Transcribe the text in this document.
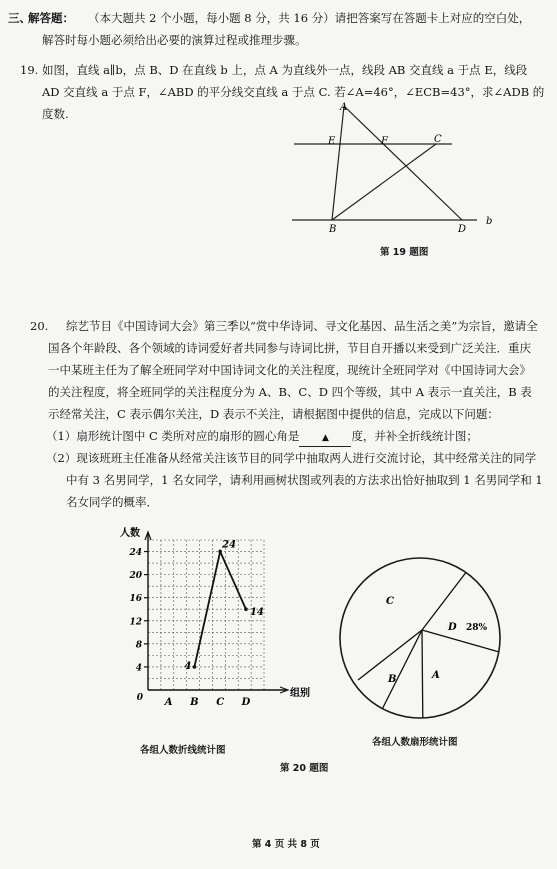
三、
解答题： （本大题共 2 个小题，每小题 8 分，共 16 分）请把答案写在答题卡上对应的空白处，
解答时每小题必须给出必要的演算过程或推理步骤。
19. 如图，直线 a∥b，点 B、D 在直线 b 上，点 A 为直线外一点，线段 AB 交直线 a 于点 E，线段
AD 交直线 a 于点 F，∠ABD 的平分线交直线 a 于点 C. 若∠A=46°，∠ECB=43°，求∠ADB 的
度数.	A
E	F	C
B	D
b
第 19 题图
20. 综艺节目《中国诗词大会》第三季以“赏中华诗词、寻文化基因、品生活之美”为宗旨，邀请全
国各个年龄段、各个领域的诗词爱好者共同参与诗词比拼，节目自开播以来受到广泛关注．重庆
一中某班主任为了解全班同学对中国诗词文化的关注程度，现统计全班同学对《中国诗词大会》
的关注程度，将全班同学的关注程度分为 A、B、C、D 四个等级，其中 A 表示一直关注，B 表
示经常关注，C 表示偶尔关注，D 表示不关注，请根据图中提供的信息，完成以下问题：
（1）扇形统计图中 C 类所对应的扇形的圆心角是	▲ 度，并补全折线统计图；
（2）现该班班主任准备从经常关注该节目的同学中抽取两人进行交流讨论，其中经常关注的同学
中有 3 名男同学，1 名女同学，请利用画树状图或列表的方法求出恰好抽取到 1 名男同学和 1
名女同学的概率．
4
8
12
16
20
24
0 A B C D
4
24
14
人数
组别
各组人数折线统计图
C
D 28%
A
B
各组人数扇形统计图
第 20 题图
第 4 页 共 8 页
